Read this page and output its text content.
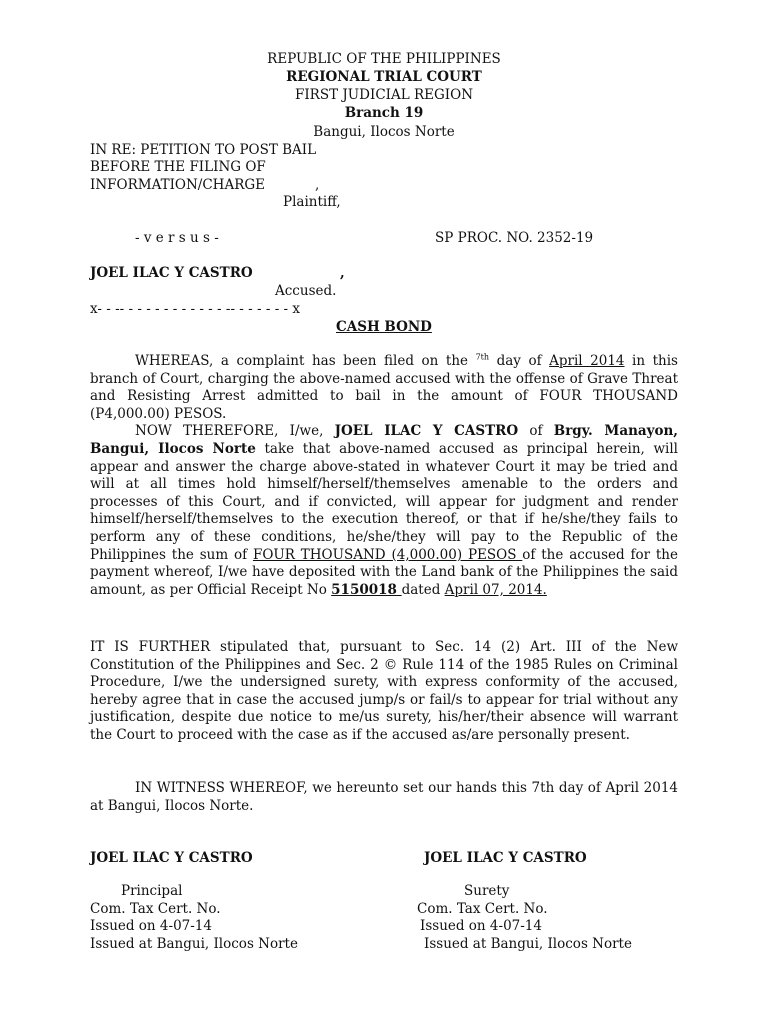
REPUBLIC OF THE PHILIPPINES
REGIONAL TRIAL COURT
FIRST JUDICIAL REGION
Branch 19
Bangui, Ilocos Norte
IN RE: PETITION TO POST BAIL
BEFORE THE FILING OF
INFORMATION/CHARGE	,
Plaintiff,
- v e r s u s -	SP PROC. NO. 2352-19
JOEL ILAC Y CASTRO	,
Accused.
x- - -- - - - - - - - - - - - -- - - - - - - x
CASH BOND

WHEREAS, a complaint has been filed on the $^{7th}$ day of April 2014 in this branch of Court, charging the above-named accused with the offense of Grave Threat and Resisting Arrest admitted to bail in the amount of FOUR THOUSAND (P4,000.00) PESOS.

NOW THEREFORE, I/we, JOEL ILAC Y CASTRO of Brgy. Manayon, Bangui, Ilocos Norte take that above-named accused as principal herein, will appear and answer the charge above-stated in whatever Court it may be tried and will at all times hold himself/herself/themselves amenable to the orders and processes of this Court, and if convicted, will appear for judgment and render himself/herself/themselves to the execution thereof, or that if he/she/they fails to perform any of these conditions, he/she/they will pay to the Republic of the Philippines the sum of FOUR THOUSAND (4,000.00) PESOS of the accused for the payment whereof, I/we have deposited with the Land bank of the Philippines the said amount, as per Official Receipt No 5150018 dated April 07, 2014.

IT IS FURTHER stipulated that, pursuant to Sec. 14 (2) Art. III of the New Constitution of the Philippines and Sec. 2 © Rule 114 of the 1985 Rules on Criminal Procedure, I/we the undersigned surety, with express conformity of the accused, hereby agree that in case the accused jump/s or fail/s to appear for trial without any justification, despite due notice to me/us surety, his/her/their absence will warrant the Court to proceed with the case as if the accused as/are personally present.
IN WITNESS WHEREOF, we hereunto set our hands this 7th day of April 2014 at Bangui, Ilocos Norte.
JOEL ILAC Y CASTRO	JOEL ILAC Y CASTRO
Principal	Surety
Com. Tax Cert. No.	Com. Tax Cert. No.
Issued on 4-07-14	Issued on 4-07-14
Issued at Bangui, Ilocos Norte	Issued at Bangui, Ilocos Norte
